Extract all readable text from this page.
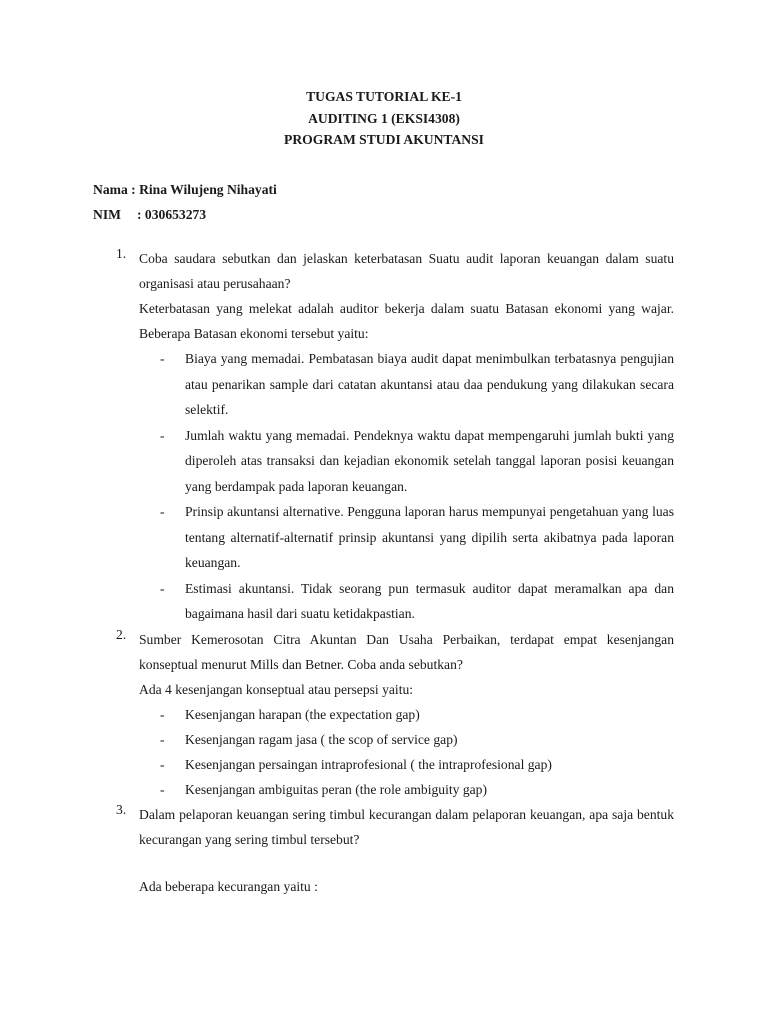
TUGAS TUTORIAL KE-1
AUDITING 1 (EKSI4308)
PROGRAM STUDI AKUNTANSI
Nama : Rina Wilujeng Nihayati
NIM : 030653273
1. Coba saudara sebutkan dan jelaskan keterbatasan Suatu audit laporan keuangan dalam suatu organisasi atau perusahaan?
Keterbatasan yang melekat adalah auditor bekerja dalam suatu Batasan ekonomi yang wajar. Beberapa Batasan ekonomi tersebut yaitu:
- Biaya yang memadai. Pembatasan biaya audit dapat menimbulkan terbatasnya pengujian atau penarikan sample dari catatan akuntansi atau daa pendukung yang dilakukan secara selektif.
- Jumlah waktu yang memadai. Pendeknya waktu dapat mempengaruhi jumlah bukti yang diperoleh atas transaksi dan kejadian ekonomik setelah tanggal laporan posisi keuangan yang berdampak pada laporan keuangan.
- Prinsip akuntansi alternative. Pengguna laporan harus mempunyai pengetahuan yang luas tentang alternatif-alternatif prinsip akuntansi yang dipilih serta akibatnya pada laporan keuangan.
- Estimasi akuntansi. Tidak seorang pun termasuk auditor dapat meramalkan apa dan bagaimana hasil dari suatu ketidakpastian.
2. Sumber Kemerosotan Citra Akuntan Dan Usaha Perbaikan, terdapat empat kesenjangan konseptual menurut Mills dan Betner. Coba anda sebutkan?
Ada 4 kesenjangan konseptual atau persepsi yaitu:
- Kesenjangan harapan (the expectation gap)
- Kesenjangan ragam jasa ( the scop of service gap)
- Kesenjangan persaingan intraprofesional ( the intraprofesional gap)
- Kesenjangan ambiguitas peran (the role ambiguity gap)
3. Dalam pelaporan keuangan sering timbul kecurangan dalam pelaporan keuangan, apa saja bentuk kecurangan yang sering timbul tersebut?
Ada beberapa kecurangan yaitu :
